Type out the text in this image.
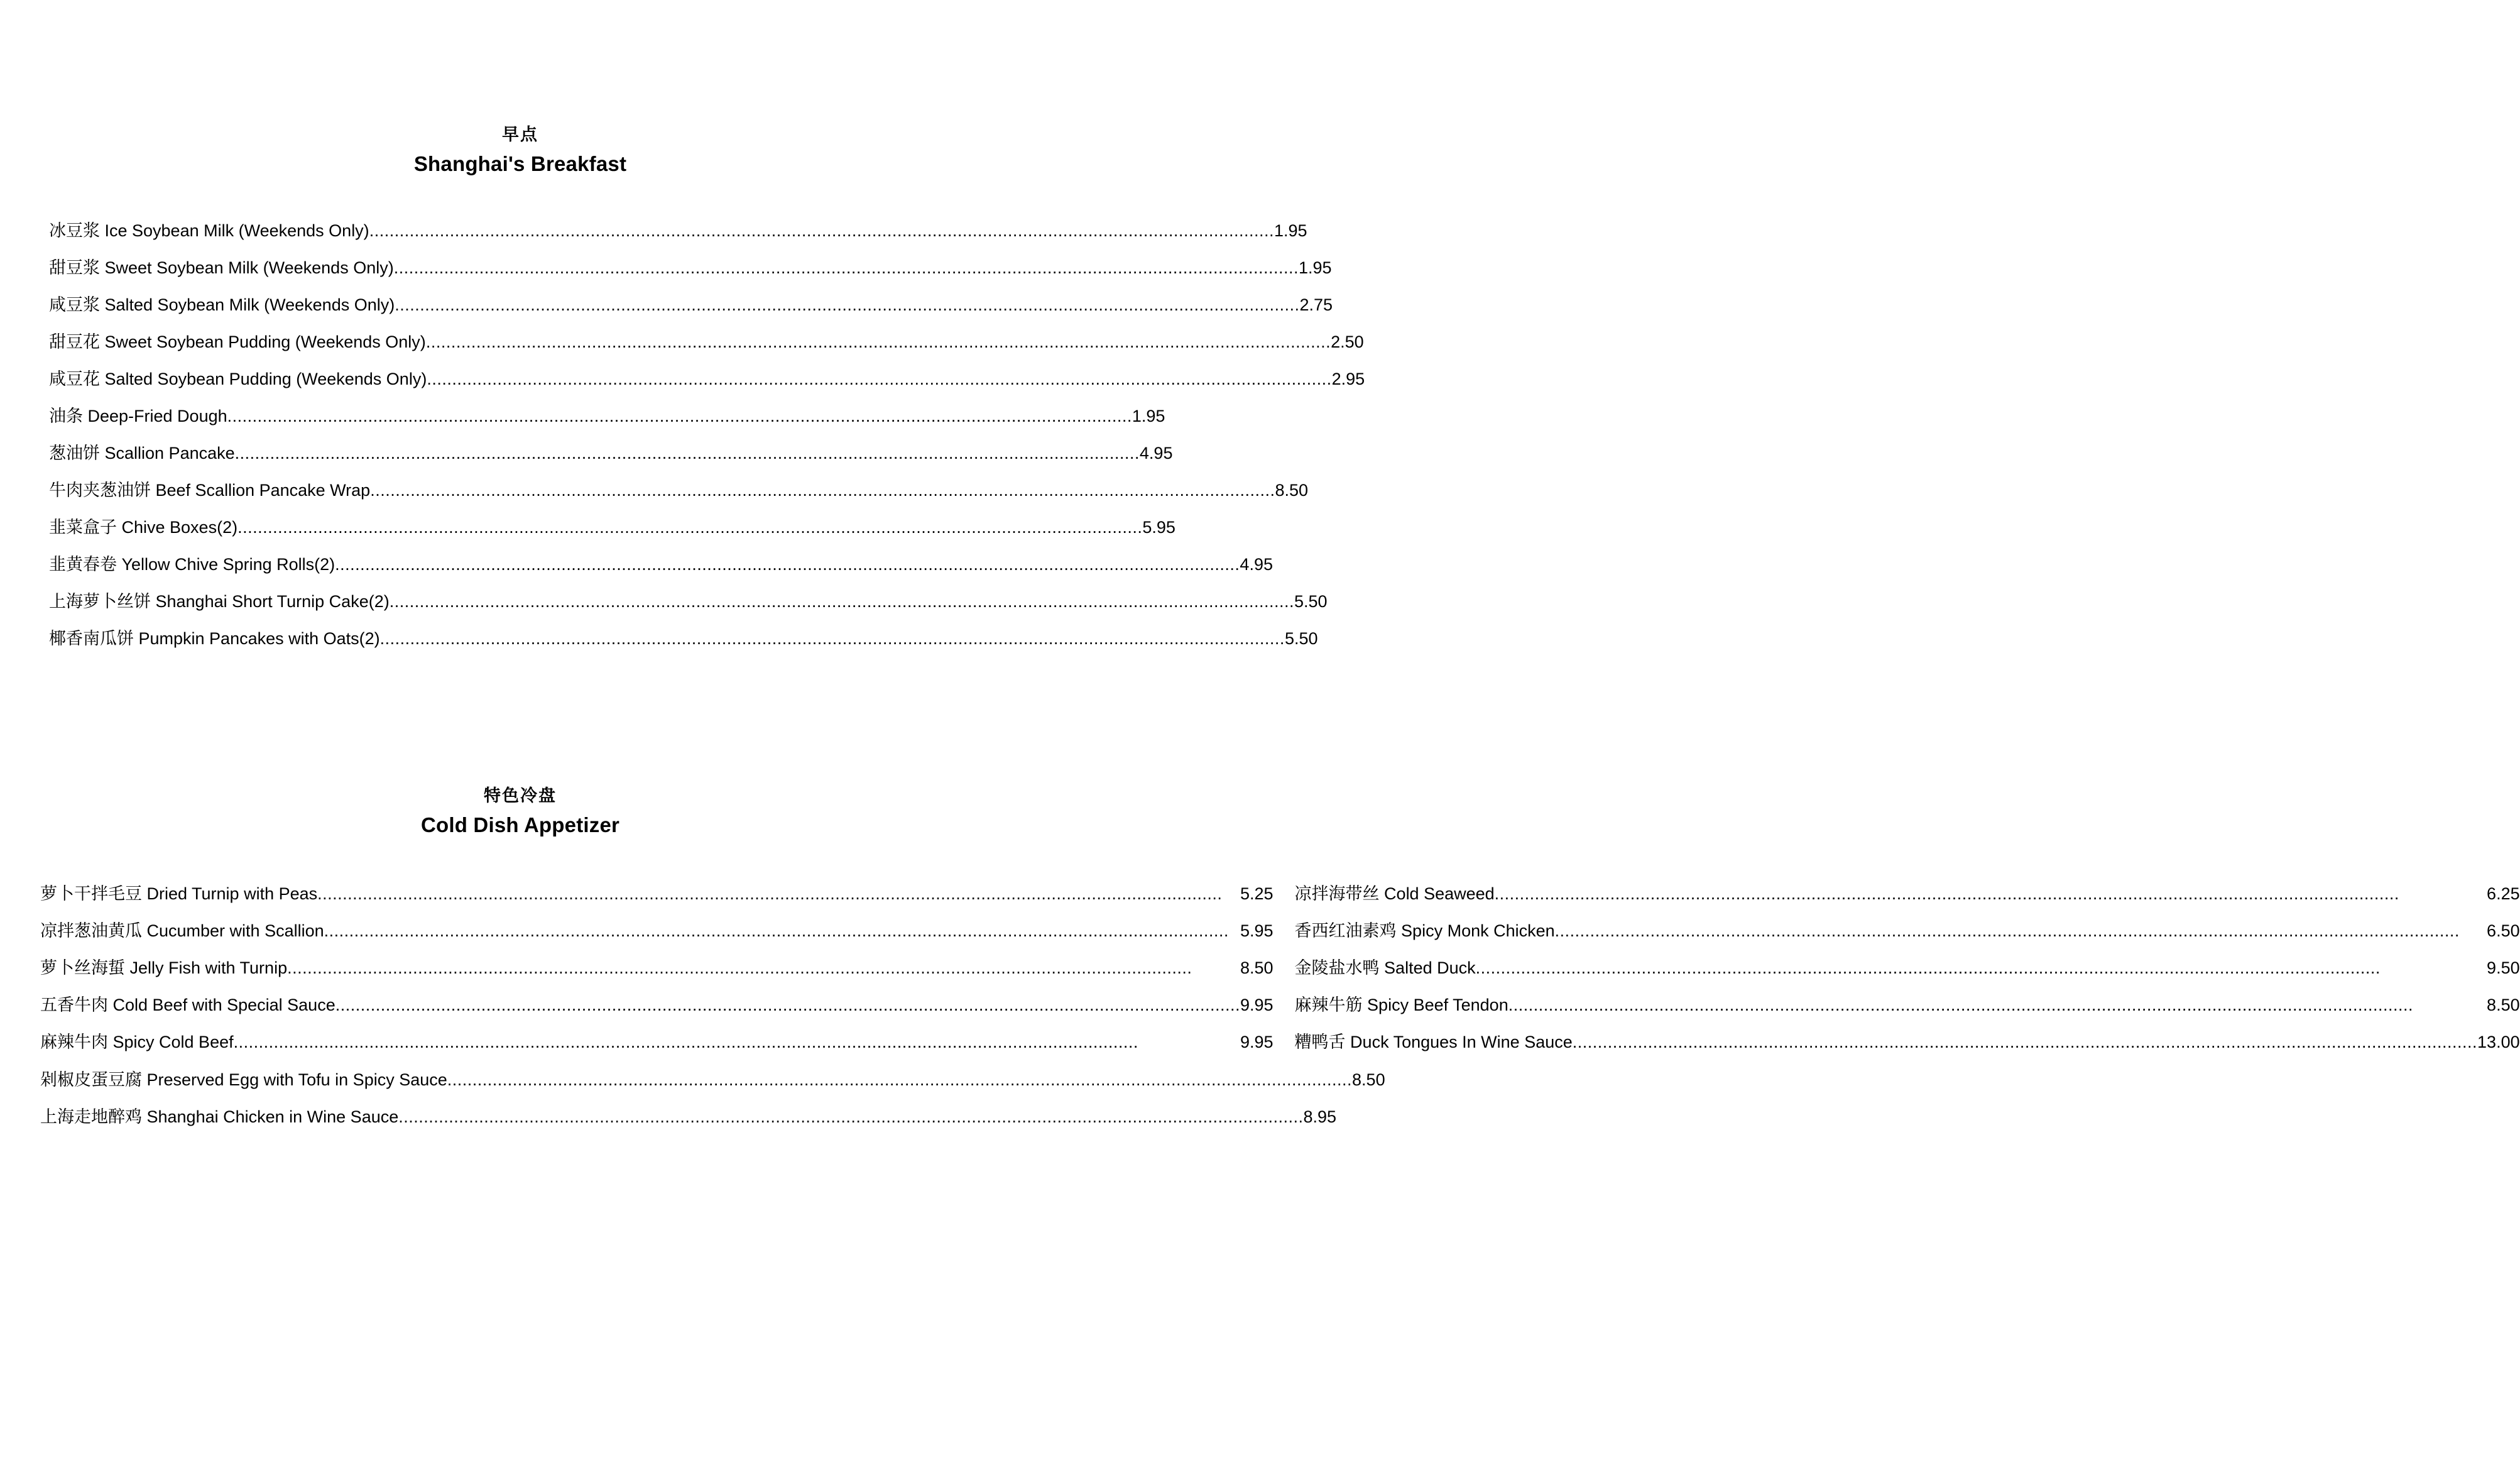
早点
Shanghai's Breakfast
冰豆浆 Ice Soybean Milk (Weekends Only) .....	1.95
甜豆浆 Sweet Soybean Milk (Weekends Only) .....	1.95
咸豆浆 Salted Soybean Milk (Weekends Only) .....	2.75
甜豆花 Sweet Soybean Pudding (Weekends Only) .....	2.50
咸豆花 Salted Soybean Pudding (Weekends Only) .....	2.95
油条 Deep-Fried Dough .....	1.95
葱油饼 Scallion Pancake .....	4.95
牛肉夹葱油饼 Beef Scallion Pancake Wrap .....	8.50
韭菜盒子 Chive Boxes(2) .....	5.95
韭黄春卷 Yellow Chive Spring Rolls(2) .....	4.95
上海萝卜丝饼 Shanghai Short Turnip Cake(2) .....	5.50
椰香南瓜饼 Pumpkin Pancakes with Oats(2) .....	5.50
特色冷盘
Cold Dish Appetizer
萝卜干拌毛豆 Dried Turnip with Peas .....	5.25
凉拌葱油黄瓜 Cucumber with Scallion .....	5.95
萝卜丝海蜇 Jelly Fish with Turnip .....	8.50
五香牛肉 Cold Beef with Special Sauce .....	9.95
麻辣牛肉 Spicy Cold Beef .....	9.95
凉拌海带丝 Cold Seaweed .....	6.25
香西红油素鸡 Spicy Monk Chicken .....	6.50
金陵盐水鸭 Salted Duck .....	9.50
麻辣牛筋 Spicy Beef Tendon .....	8.50
糟鸭舌 Duck Tongues In Wine Sauce .....	13.00
剁椒皮蛋豆腐 Preserved Egg with Tofu in Spicy Sauce .....	8.50
上海走地醉鸡 Shanghai Chicken in Wine Sauce .....	8.95
